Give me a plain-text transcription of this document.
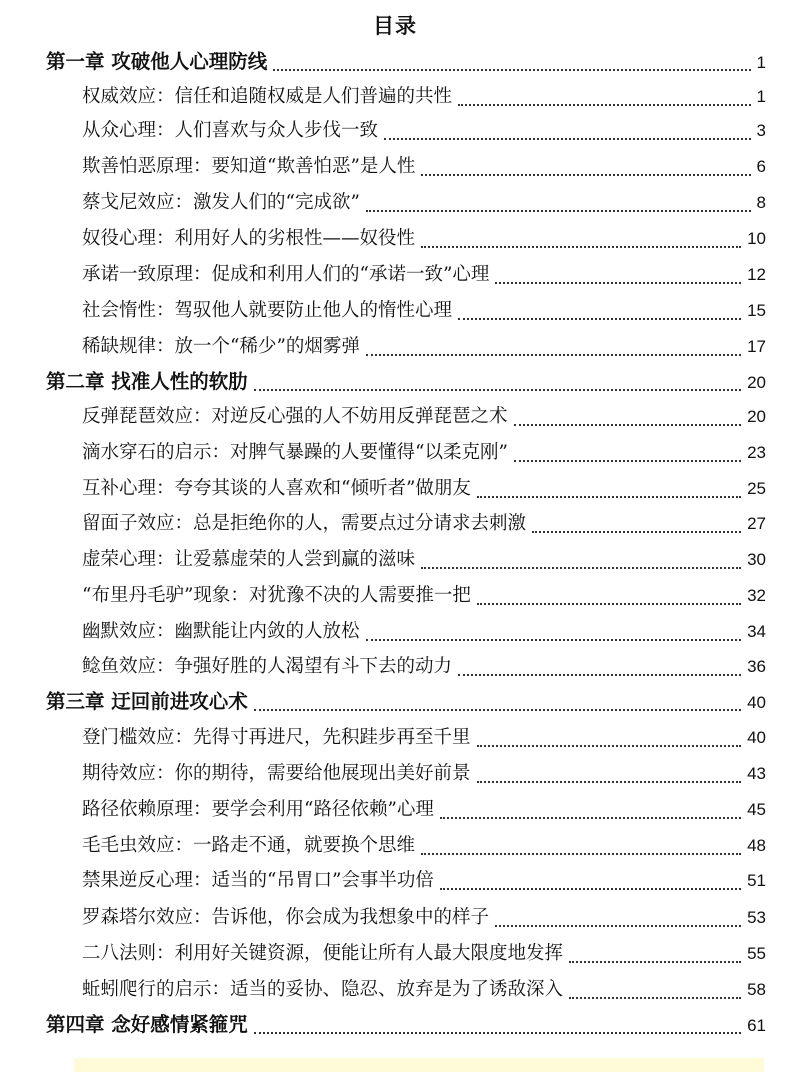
目录
第一章 攻破他人心理防线	1
权威效应：信任和追随权威是人们普遍的共性	1
从众心理：人们喜欢与众人步伐一致	3
欺善怕恶原理：要知道“欺善怕恶”是人性	6
蔡戈尼效应：激发人们的“完成欲”	8
奴役心理：利用好人的劣根性——奴役性	10
承诺一致原理：促成和利用人们的“承诺一致”心理	12
社会惰性：驾驭他人就要防止他人的惰性心理	15
稀缺规律：放一个“稀少”的烟雾弹	17
第二章 找准人性的软肋	20
反弹琵琶效应：对逆反心强的人不妨用反弹琵琶之术	20
滴水穿石的启示：对脾气暴躁的人要懂得“以柔克刚”	23
互补心理：夸夸其谈的人喜欢和“倾听者”做朋友	25
留面子效应：总是拒绝你的人，需要点过分请求去刺激	27
虚荣心理：让爱慕虚荣的人尝到赢的滋味	30
“布里丹毛驴”现象：对犹豫不决的人需要推一把	32
幽默效应：幽默能让内敛的人放松	34
鲶鱼效应：争强好胜的人渴望有斗下去的动力	36
第三章 迂回前进攻心术	40
登门槛效应：先得寸再进尺，先积跬步再至千里	40
期待效应：你的期待，需要给他展现出美好前景	43
路径依赖原理：要学会利用“路径依赖”心理	45
毛毛虫效应：一路走不通，就要换个思维	48
禁果逆反心理：适当的“吊胃口”会事半功倍	51
罗森塔尔效应：告诉他，你会成为我想象中的样子	53
二八法则：利用好关键资源，便能让所有人最大限度地发挥	55
蚯蚓爬行的启示：适当的妥协、隐忍、放弃是为了诱敌深入	58
第四章 念好感情紧箍咒	61
